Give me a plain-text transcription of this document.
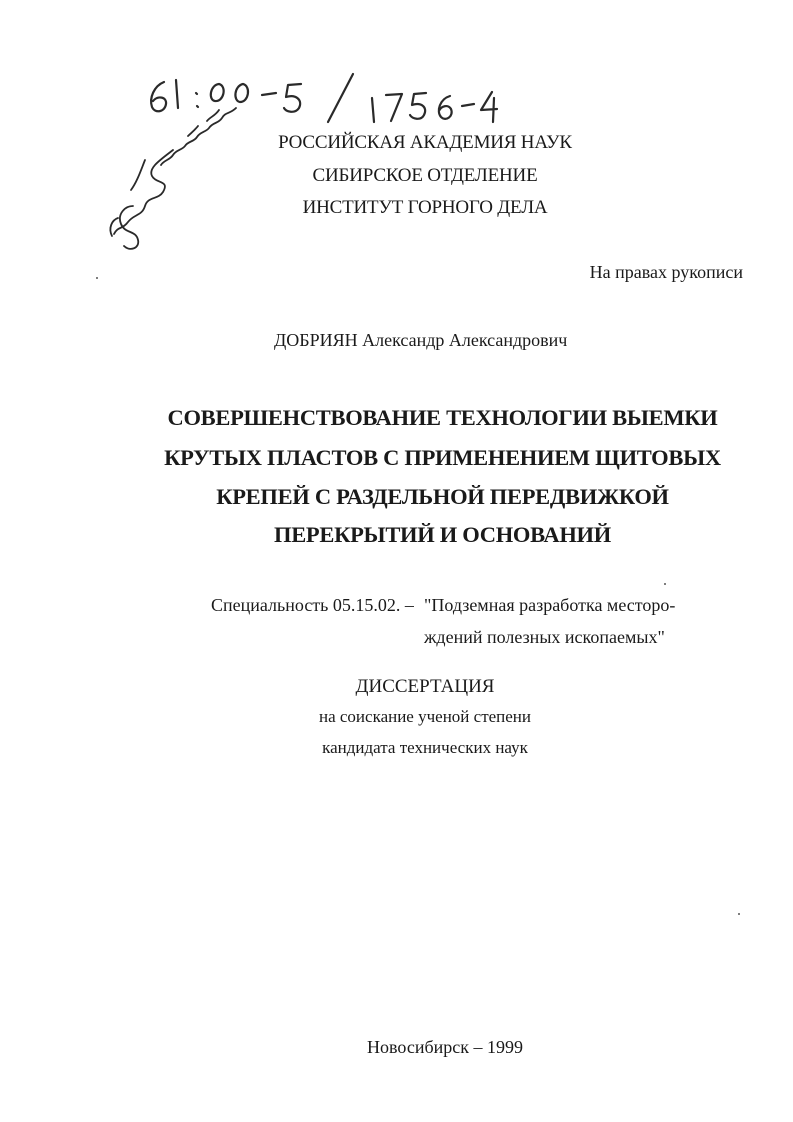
РОССИЙСКАЯ АКАДЕМИЯ НАУК
СИБИРСКОЕ ОТДЕЛЕНИЕ
ИНСТИТУТ ГОРНОГО ДЕЛА
На правах рукописи
ДОБРИЯН Александр Александрович
СОВЕРШЕНСТВОВАНИЕ ТЕХНОЛОГИИ ВЫЕМКИ
КРУТЫХ ПЛАСТОВ С ПРИМЕНЕНИЕМ ЩИТОВЫХ
КРЕПЕЙ С РАЗДЕЛЬНОЙ ПЕРЕДВИЖКОЙ
ПЕРЕКРЫТИЙ И ОСНОВАНИЙ
Специальность 05.15.02. – "Подземная разработка месторо-
ждений полезных ископаемых"
ДИССЕРТАЦИЯ
на соискание ученой степени
кандидата технических наук
Новосибирск – 1999
